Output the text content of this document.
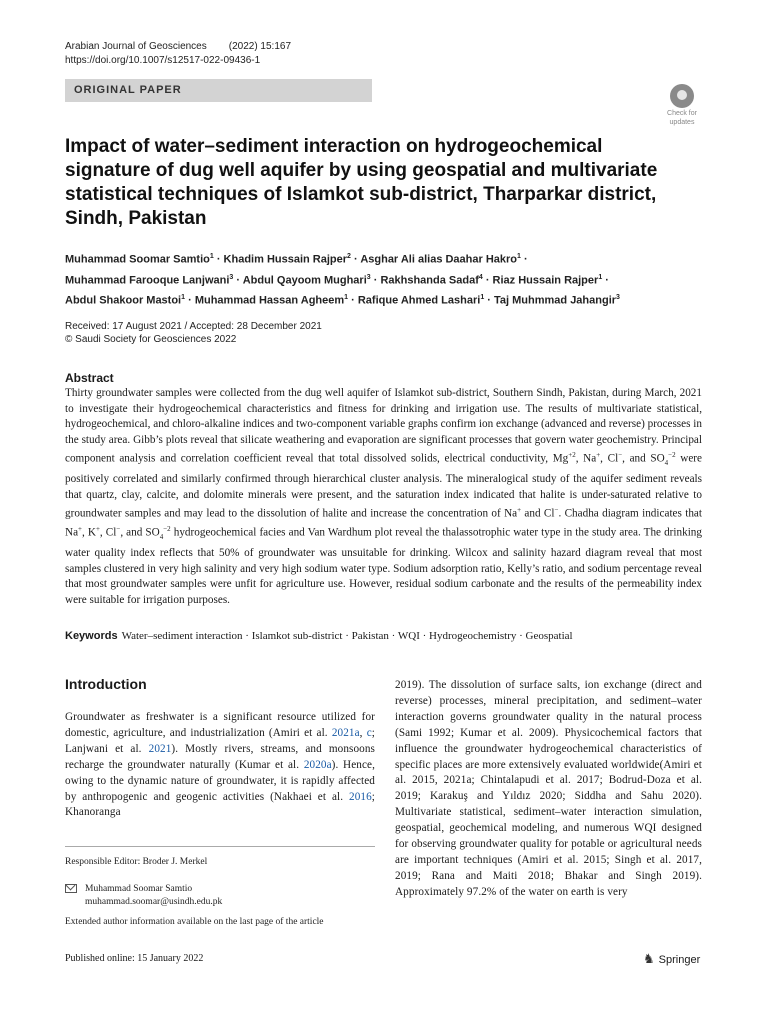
Arabian Journal of Geosciences (2022) 15:167
https://doi.org/10.1007/s12517-022-09436-1
ORIGINAL PAPER
Check for
updates
Impact of water–sediment interaction on hydrogeochemical signature of dug well aquifer by using geospatial and multivariate statistical techniques of Islamkot sub-district, Tharparkar district, Sindh, Pakistan
Muhammad Soomar Samtio$^1$ · Khadim Hussain Rajper$^2$ · Asghar Ali alias Daahar Hakro$^1$ ·
Muhammad Farooque Lanjwani$^3$ · Abdul Qayoom Mughari$^3$ · Rakhshanda Sadaf$^4$ · Riaz Hussain Rajper$^1$ ·
Abdul Shakoor Mastoi$^1$ · Muhammad Hassan Agheem$^1$ · Rafique Ahmed Lashari$^1$ · Taj Muhmmad Jahangir$^3$
Received: 17 August 2021 / Accepted: 28 December 2021
© Saudi Society for Geosciences 2022
Abstract
Thirty groundwater samples were collected from the dug well aquifer of Islamkot sub-district, Southern Sindh, Pakistan, during March, 2021 to investigate their hydrogeochemical characteristics and fitness for drinking and irrigation use. The results of multivariate statistical, hydrogeochemical, and chloro-alkaline indices and two-component variable graphs confirm ion exchange (advanced and reverse) processes in the study area. Gibb’s plots reveal that silicate weathering and evaporation are significant processes that govern water geochemistry. Principal component analysis and correlation coefficient reveal that total dissolved solids, electrical conductivity, $Mg^{+2}$, Na+, Cl−, and $SO_4^{-2}$ were positively correlated and similarly confirmed through hierarchical cluster analysis. The mineralogical study of the aquifer sediment reveals that quartz, clay, calcite, and dolomite minerals were present, and the saturation index indicated that halite is under-saturated relative to groundwater samples and may lead to the dissolution of halite and increase the concentration of Na+ and Cl−. Chadha diagram indicates that Na+, K+, Cl−, and $SO_4^{-2}$ hydrogeochemical facies and Van Wardhum plot reveal the thalassotrophic water type in the study area. The drinking water quality index reflects that 50% of groundwater was unsuitable for drinking. Wilcox and salinity hazard diagram reveal that most samples clustered in very high salinity and very high sodium water type. Sodium adsorption ratio, Kelly’s ratio, and sodium percentage reveal that most groundwater samples were unfit for agriculture use. However, residual sodium carbonate and the results of the permeability index were suitable for irrigation purposes.
Keywords Water–sediment interaction · Islamkot sub-district · Pakistan · WQI · Hydrogeochemistry · Geospatial
Introduction
Groundwater as freshwater is a significant resource utilized for domestic, agriculture, and industrialization (Amiri et al. 2021a, c; Lanjwani et al. 2021). Mostly rivers, streams, and monsoons recharge the groundwater naturally (Kumar et al. 2020a). Hence, owing to the dynamic nature of groundwater, it is rapidly affected by anthropogenic and geogenic activities (Nakhaei et al. 2016; Khanoranga
2019). The dissolution of surface salts, ion exchange (direct and reverse) processes, mineral precipitation, and sediment–water interaction governs groundwater quality in the natural process (Sami 1992; Kumar et al. 2009). Physicochemical factors that influence the groundwater hydrogeochemical characteristics of specific places are more extensively evaluated worldwide(Amiri et al. 2015, 2021a; Chintalapudi et al. 2017; Bodrud-Doza et al. 2019; Karakuş and Yıldız 2020; Siddha and Sahu 2020). Multivariate statistical, sediment–water interaction simulation, geospatial, geochemical modeling, and numerous WQI designed for observing groundwater quality for potable or agricultural needs are important techniques (Amiri et al. 2015; Singh et al. 2017, 2019; Rana and Maiti 2018; Bhakar and Singh 2019). Approximately 97.2% of the water on earth is very
Responsible Editor: Broder J. Merkel
Muhammad Soomar Samtio
muhammad.soomar@usindh.edu.pk
Extended author information available on the last page of the article
Published online: 15 January 2022	♞ Springer
